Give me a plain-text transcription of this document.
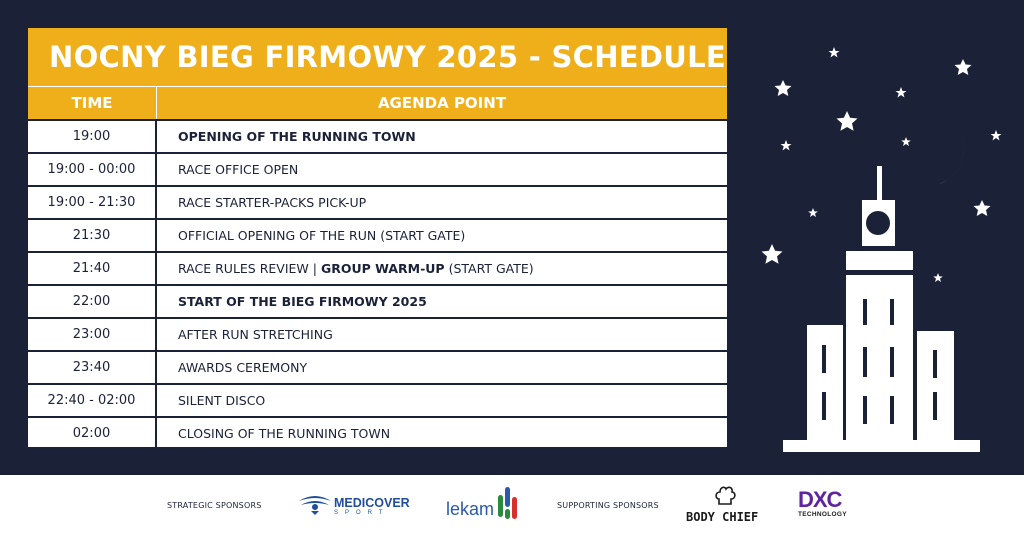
NOCNY BIEG FIRMOWY 2025 - SCHEDULE
TIME	AGENDA POINT
19:00	OPENING OF THE RUNNING TOWN
19:00 - 00:00	RACE OFFICE OPEN
19:00 - 21:30	RACE STARTER-PACKS PICK-UP
21:30	OFFICIAL OPENING OF THE RUN (START GATE)
21:40	RACE RULES REVIEW | GROUP WARM-UP (START GATE)
22:00	START OF THE BIEG FIRMOWY 2025
23:00	AFTER RUN STRETCHING
23:40	AWARDS CEREMONY
22:40 - 02:00	SILENT DISCO
02:00	CLOSING OF THE RUNNING TOWN
STRATEGIC SPONSORS	MEDICOVER
SPORT	lekam	SUPPORTING SPONSORS
BODY CHIEF
DXC
TECHNOLOGY
